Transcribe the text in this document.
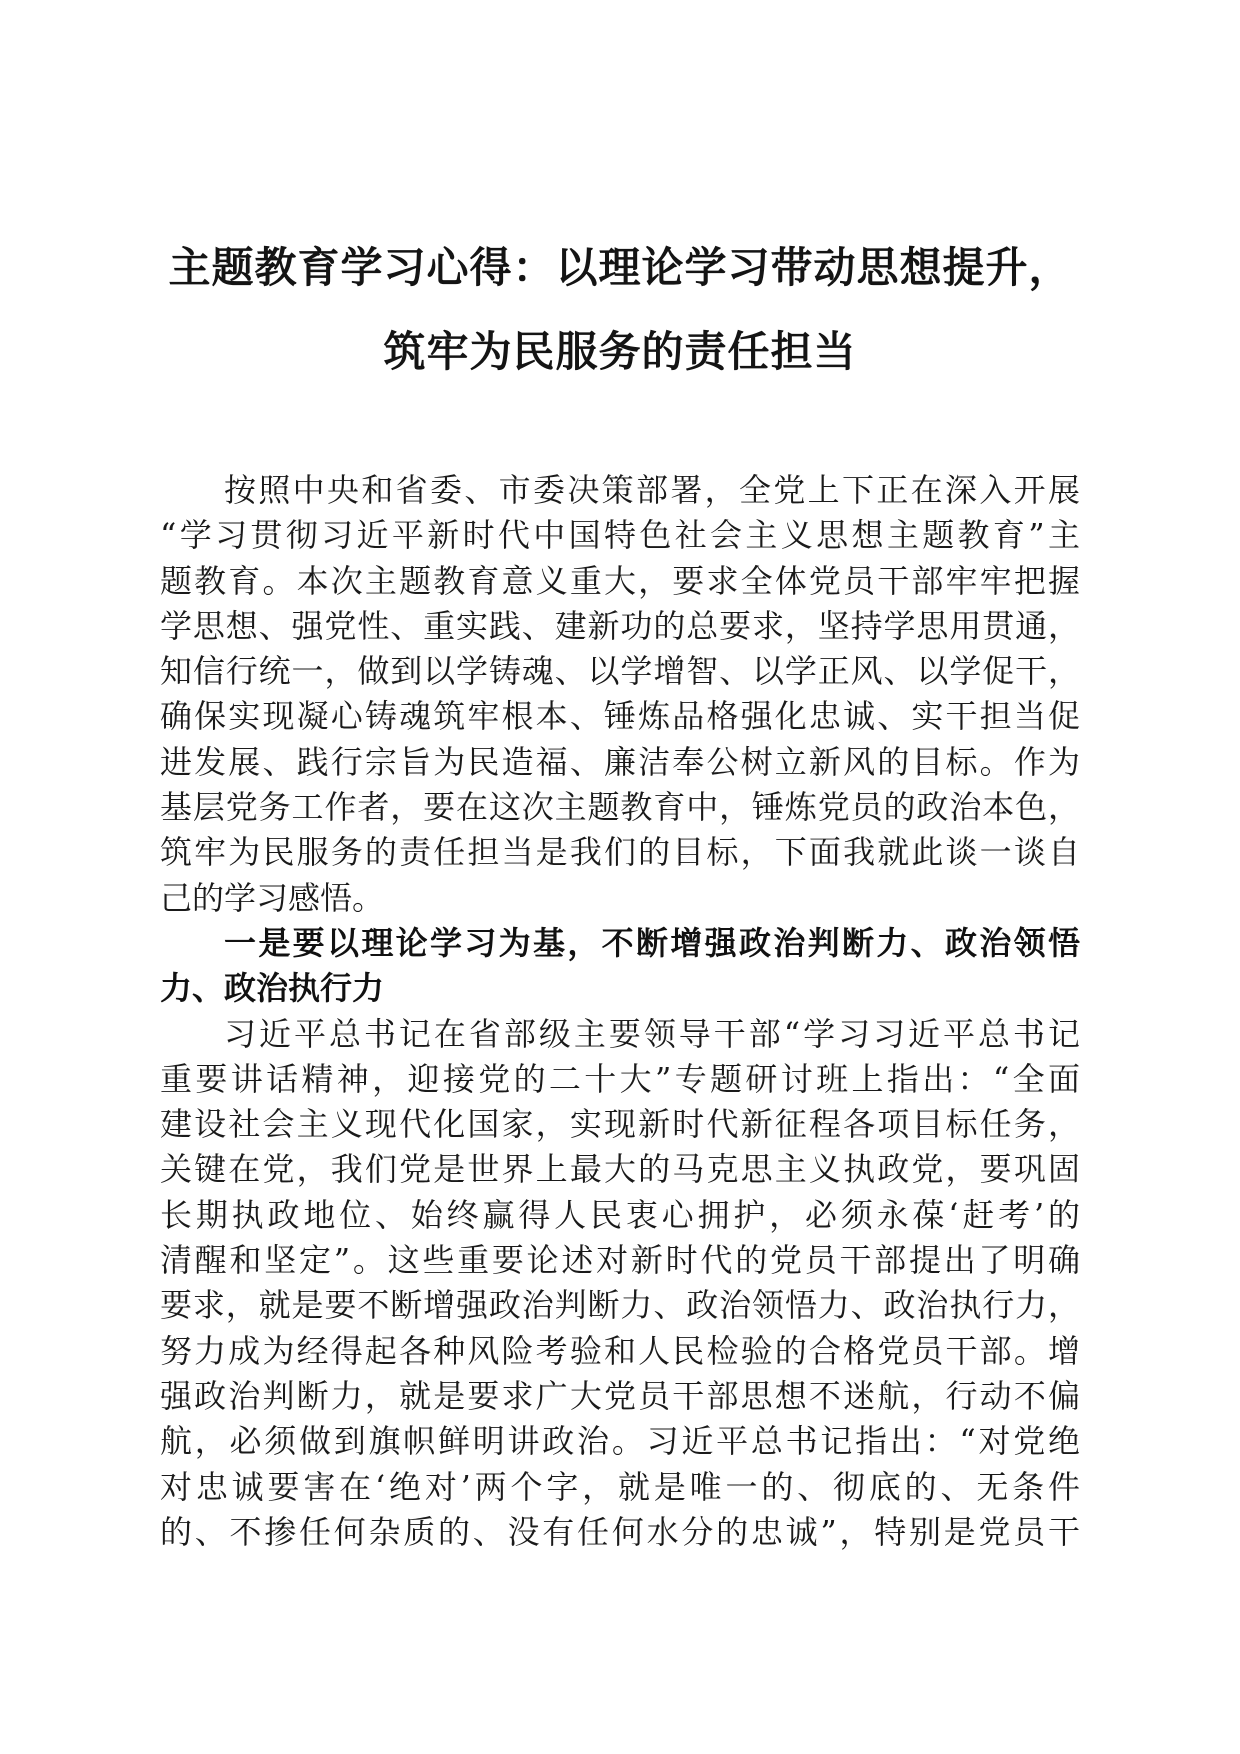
主题教育学习心得：以理论学习带动思想提升，
筑牢为民服务的责任担当
按照中央和省委、市委决策部署，全党上下正在深入开展
“学习贯彻习近平新时代中国特色社会主义思想主题教育”主
题教育。本次主题教育意义重大，要求全体党员干部牢牢把握
学思想、强党性、重实践、建新功的总要求，坚持学思用贯通，
知信行统一，做到以学铸魂、以学增智、以学正风、以学促干，
确保实现凝心铸魂筑牢根本、锤炼品格强化忠诚、实干担当促
进发展、践行宗旨为民造福、廉洁奉公树立新风的目标。作为
基层党务工作者，要在这次主题教育中，锤炼党员的政治本色，
筑牢为民服务的责任担当是我们的目标，下面我就此谈一谈自
己的学习感悟。
一是要以理论学习为基，不断增强政治判断力、政治领悟
力、政治执行力
习近平总书记在省部级主要领导干部“学习习近平总书记
重要讲话精神，迎接党的二十大”专题研讨班上指出：“全面
建设社会主义现代化国家，实现新时代新征程各项目标任务，
关键在党，我们党是世界上最大的马克思主义执政党，要巩固
长期执政地位、始终赢得人民衷心拥护，必须永葆‘赶考’的
清醒和坚定”。这些重要论述对新时代的党员干部提出了明确
要求，就是要不断增强政治判断力、政治领悟力、政治执行力，
努力成为经得起各种风险考验和人民检验的合格党员干部。增
强政治判断力，就是要求广大党员干部思想不迷航，行动不偏
航，必须做到旗帜鲜明讲政治。习近平总书记指出：“对党绝
对忠诚要害在‘绝对’两个字，就是唯一的、彻底的、无条件
的、不掺任何杂质的、没有任何水分的忠诚”，特别是党员干
